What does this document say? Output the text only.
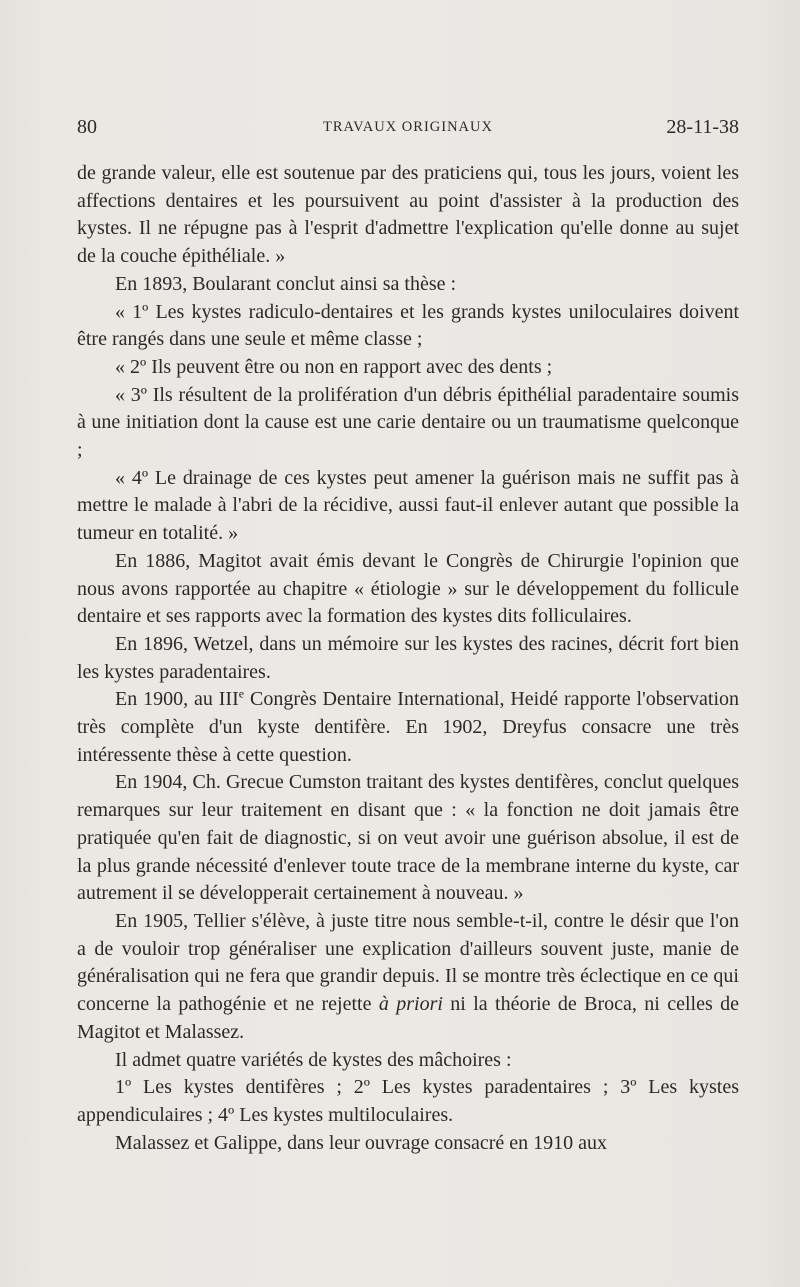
80	TRAVAUX ORIGINAUX	28-11-38

de grande valeur, elle est soutenue par des praticiens qui, tous les jours, voient les affections dentaires et les poursuivent au point d'assister à la production des kystes. Il ne répugne pas à l'esprit d'admettre l'explication qu'elle donne au sujet de la couche épithéliale. »

En 1893, Boularant conclut ainsi sa thèse :

« 1º Les kystes radiculo-dentaires et les grands kystes uniloculaires doivent être rangés dans une seule et même classe ;

« 2º Ils peuvent être ou non en rapport avec des dents ;

« 3º Ils résultent de la prolifération d'un débris épithélial paradentaire soumis à une initiation dont la cause est une carie dentaire ou un traumatisme quelconque ;

« 4º Le drainage de ces kystes peut amener la guérison mais ne suffit pas à mettre le malade à l'abri de la récidive, aussi faut-il enlever autant que possible la tumeur en totalité. »

En 1886, Magitot avait émis devant le Congrès de Chirurgie l'opinion que nous avons rapportée au chapitre « étiologie » sur le développement du follicule dentaire et ses rapports avec la formation des kystes dits folliculaires.

En 1896, Wetzel, dans un mémoire sur les kystes des racines, décrit fort bien les kystes paradentaires.

En 1900, au IIIe Congrès Dentaire International, Heidé rapporte l'observation très complète d'un kyste dentifère. En 1902, Dreyfus consacre une très intéressente thèse à cette question.

En 1904, Ch. Grecue Cumston traitant des kystes dentifères, conclut quelques remarques sur leur traitement en disant que : « la fonction ne doit jamais être pratiquée qu'en fait de diagnostic, si on veut avoir une guérison absolue, il est de la plus grande nécessité d'enlever toute trace de la membrane interne du kyste, car autrement il se développerait certainement à nouveau. »

En 1905, Tellier s'élève, à juste titre nous semble-t-il, contre le désir que l'on a de vouloir trop généraliser une explication d'ailleurs souvent juste, manie de généralisation qui ne fera que grandir depuis. Il se montre très éclectique en ce qui concerne la pathogénie et ne rejette à priori ni la théorie de Broca, ni celles de Magitot et Malassez.

Il admet quatre variétés de kystes des mâchoires :

1º Les kystes dentifères ; 2º Les kystes paradentaires ; 3º Les kystes appendiculaires ; 4º Les kystes multiloculaires.

Malassez et Galippe, dans leur ouvrage consacré en 1910 aux
